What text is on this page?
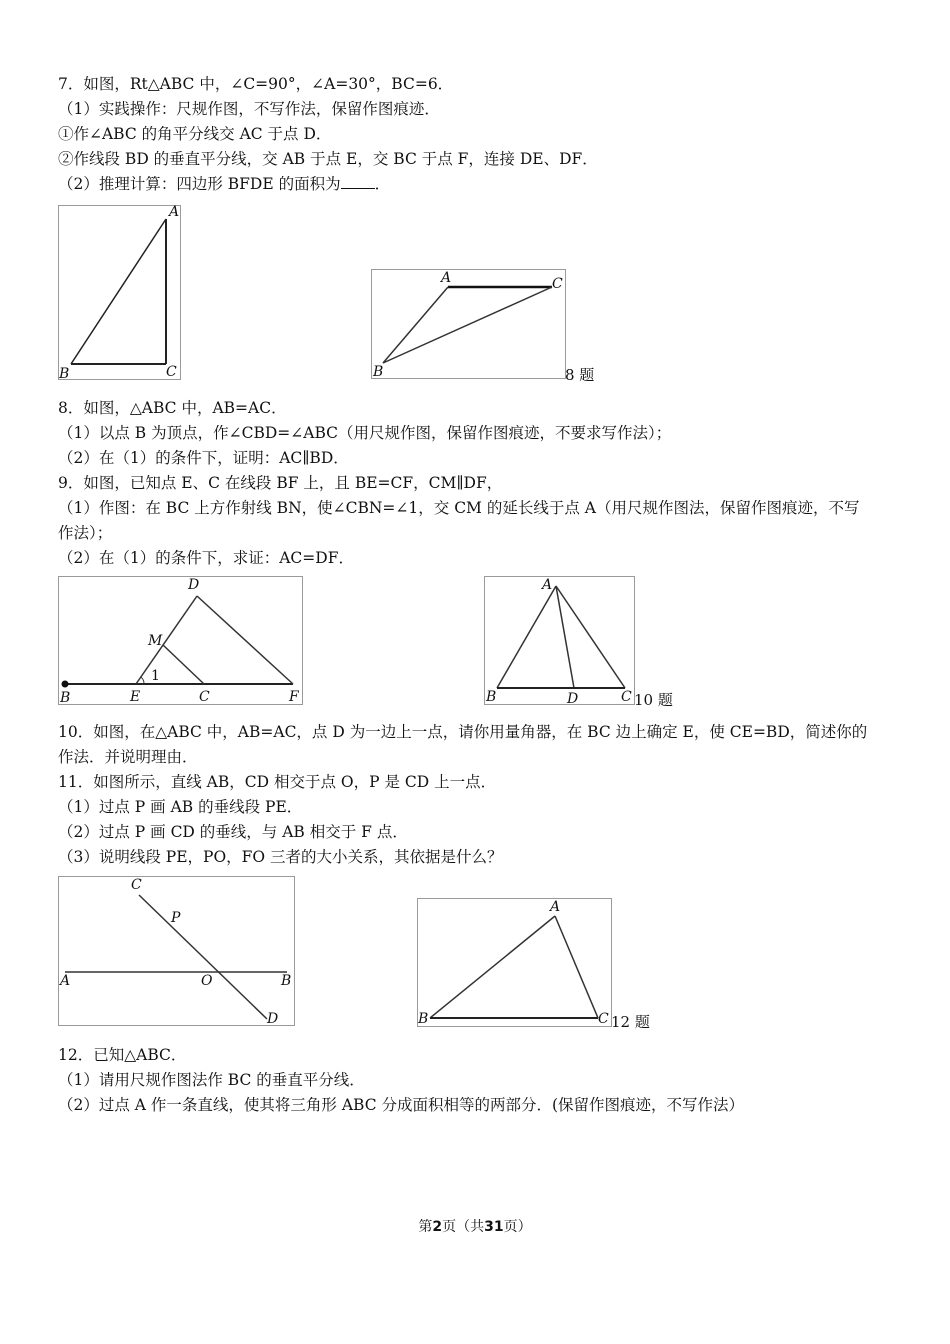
7．如图，Rt△ABC 中，∠C=90°，∠A=30°，BC=6．
（1）实践操作：尺规作图，不写作法，保留作图痕迹．
①作∠ABC 的角平分线交 AC 于点 D．
②作线段 BD 的垂直平分线，交 AB 于点 E，交 BC 于点 F，连接 DE、DF．
（2）推理计算：四边形 BFDE 的面积为 ．
A
B	C
A	C
B	8 题
8．如图，△ABC 中，AB=AC．
（1）以点 B 为顶点，作∠CBD=∠ABC（用尺规作图，保留作图痕迹，不要求写作法）；
（2）在（1）的条件下，证明：AC∥BD．
9．如图，已知点 E、C 在线段 BF 上，且 BE=CF，CM∥DF，
（1）作图：在 BC 上方作射线 BN，使∠CBN=∠1，交 CM 的延长线于点 A（用尺规作图法，保留作图痕迹，不写
作法）；
（2）在（1）的条件下，求证：AC=DF．
D
M
1
B	E	C	F
A
B	D	C 10 题
10．如图，在△ABC 中，AB=AC，点 D 为一边上一点，请你用量角器，在 BC 边上确定 E，使 CE=BD，简述你的
作法．并说明理由．
11．如图所示，直线 AB，CD 相交于点 O，P 是 CD 上一点．
（1）过点 P 画 AB 的垂线段 PE．
（2）过点 P 画 CD 的垂线，与 AB 相交于 F 点．
（3）说明线段 PE，PO，FO 三者的大小关系，其依据是什么？
C
P
A	O	B
D
A
B	C 12 题
12．已知△ABC．
（1）请用尺规作图法作 BC 的垂直平分线．
（2）过点 A 作一条直线，使其将三角形 ABC 分成面积相等的两部分．(保留作图痕迹，不写作法）
第2页（共31页）
